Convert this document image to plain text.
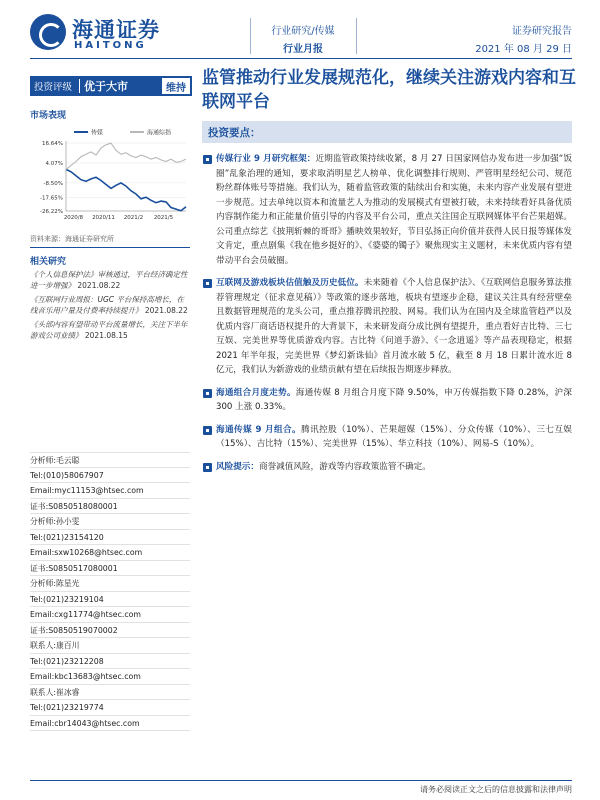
海通证券
HAITONG
行业研究/传媒
行业月报
证券研究报告
2021 年 08 月 29 日
投资评级	优于大市	维持 监管推动行业发展规范化，继续关注游戏内容和互联网平台
市场表现
传媒	海通综指
16.64%
4.07%
-8.50%
-17.65%
-26.22%
2020/8 2020/11 2021/2 2021/5
资料来源：海通证券研究所
相关研究
《个人信息保护法》审核通过，平台经济确定性进一步增强》 2021.08.22
《互联网行业周报：UGC 平台保持高增长，在线音乐用户量及付费率持续提升》 2021.08.22
《头部内容有望带动平台流量增长，关注下半年游戏公司业绩》 2021.08.15
分析师:毛云聪
Tel:(010)58067907
Email:myc11153@htsec.com
证书:S0850518080001
分析师:孙小雯
Tel:(021)23154120
Email:sxw10268@htsec.com
证书:S0850517080001
分析师:陈星光
Tel:(021)23219104
Email:cxg11774@htsec.com
证书:S0850519070002
联系人:康百川
Tel:(021)23212208
Email:kbc13683@htsec.com
联系人:崔冰睿
Tel:(021)23219774
Email:cbr14043@htsec.com
投资要点：
传媒行业 9 月研究框架：近期监管政策持续收紧，8 月 27 日国家网信办发布进一步加强“饭圈”乱象治理的通知，要求取消明星艺人榜单、优化调整排行规则、严管明星经纪公司、规范粉丝群体账号等措施。我们认为，随着监管政策的陆续出台和实施，未来内容产业发展有望进一步规范。过去单纯以资本和流量艺人为推动的发展模式有望被打破，未来持续看好具备优质内容制作能力和正能量价值引导的内容及平台公司，重点关注国企互联网媒体平台芒果超媒。公司重点综艺《披荆斩棘的哥哥》播映效果较好，节目弘扬正向价值并获得人民日报等媒体发文肯定，重点剧集《我在他乡挺好的》、《婆婆的镯子》聚焦现实主义题材，未来优质内容有望带动平台会员破圈。
互联网及游戏板块估值触及历史低位。未来随着《个人信息保护法》、《互联网信息服务算法推荐管理规定（征求意见稿）》等政策的逐步落地，板块有望逐步企稳，建议关注具有经营壁垒且数据管理规范的龙头公司，重点推荐腾讯控股、网易。我们认为在国内及全球监管趋严以及优质内容厂商话语权提升的大背景下，未来研发商分成比例有望提升，重点看好吉比特、三七互娱、完美世界等优质游戏内容。吉比特《问道手游》、《一念逍遥》等产品表现稳定，根据 2021 年半年报，完美世界《梦幻新诛仙》首月流水破 5 亿，截至 8 月 18 日累计流水近 8 亿元，我们认为新游戏的业绩贡献有望在后续报告期逐步释放。
海通组合月度走势。海通传媒 8 月组合月度下降 9.50%，申万传媒指数下降 0.28%，沪深 300 上涨 0.33%。
海通传媒 9 月组合。腾讯控股（10%）、芒果超媒（15%）、分众传媒（10%）、三七互娱（15%）、吉比特（15%）、完美世界（15%）、华立科技（10%）、网易-S（10%）。
风险提示：商誉减值风险，游戏等内容政策监管不确定。
请务必阅读正文之后的信息披露和法律声明
